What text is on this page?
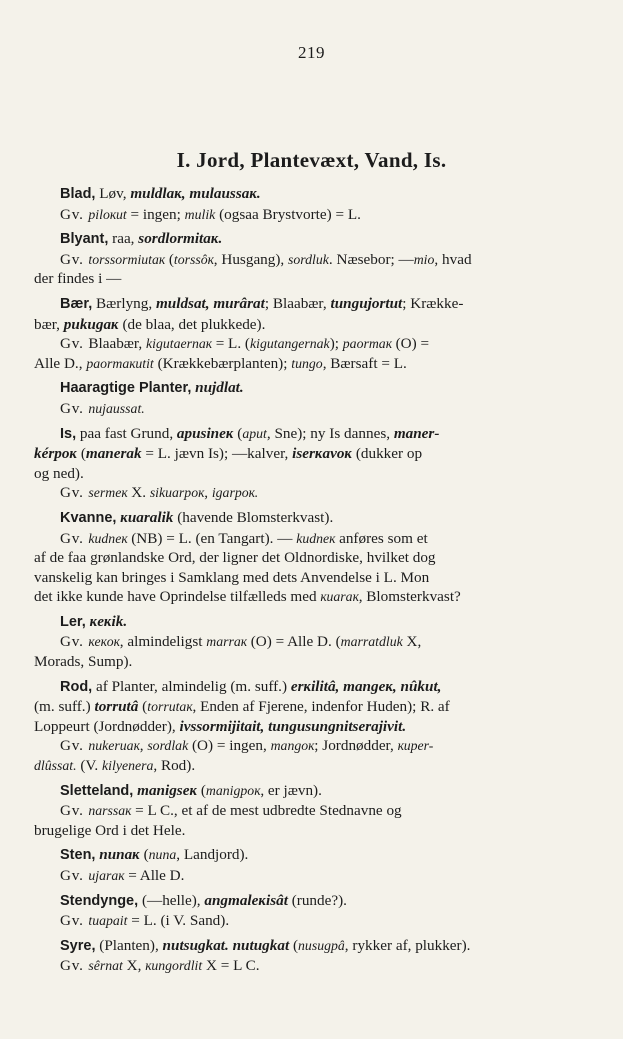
219
I. Jord, Plantevæxt, Vand, Is.
Blad, Løv, muldlaĸ, mulaussaĸ.
Gv. piloĸut = ingen; mulik (ogsaa Brystvorte) = L.
Blyant, raa, sordlormitaĸ.
Gv. torssormiutaĸ (torssôĸ, Husgang), sordluk. Næsebor; —mio, hvad
der findes i —
Bær, Bærlyng, muldsat, murârat; Blaabær, tungujortut; Krække-
bær, pukugaĸ (de blaa, det plukkede).
Gv. Blaabær, kigutaernaĸ = L. (kigutangernak); paormaĸ (O) =
Alle D., paormaĸutit (Krækkebærplanten); tungo, Bærsaft = L.
Haaragtige Planter, nujdlat.
Gv. nujaussat.
Is, paa fast Grund, apusineĸ (aput, Sne); ny Is dannes, maner-
kérpoĸ (manerak = L. jævn Is); —kalver, iserĸavoĸ (dukker op
og ned).
Gv. sermeĸ X. sikuarpoĸ, igarpoĸ.
Kvanne, ĸuaralik (havende Blomsterkvast).
Gv. kudneĸ (NB) = L. (en Tangart). — kudneĸ anføres som et
af de faa grønlandske Ord, der ligner det Oldnordiske, hvilket dog
vanskelig kan bringes i Samklang med dets Anvendelse i L. Mon
det ikke kunde have Oprindelse tilfælleds med ĸuaraĸ, Blomsterkvast?
Ler, ĸeĸik.
Gv. ĸeĸoĸ, almindeligst marraĸ (O) = Alle D. (marratdluk X,
Morads, Sump).
Rod, af Planter, almindelig (m. suff.) erĸilitâ, mangeĸ, nûkut,
(m. suff.) torrutâ (torrutaĸ, Enden af Fjerene, indenfor Huden); R. af
Loppeurt (Jordnødder), ivssormijitait, tungusungnitserajivit.
Gv. nukeruaĸ, sordlak (O) = ingen, mangoĸ; Jordnødder, ĸuper-
dlûssat. (V. kilyenera, Rod).
Sletteland, manigseĸ (manigpoĸ, er jævn).
Gv. narssaĸ = L C., et af de mest udbredte Stednavne og
brugelige Ord i det Hele.
Sten, nunaĸ (nuna, Landjord).
Gv. ujaraĸ = Alle D.
Stendynge, (—helle), angmaleĸisât (runde?).
Gv. tuapait = L. (i V. Sand).
Syre, (Planten), nutsugkat. nutugkat (nusugpâ, rykker af, plukker).
Gv. sêrnat X, ĸungordlit X = L C.
